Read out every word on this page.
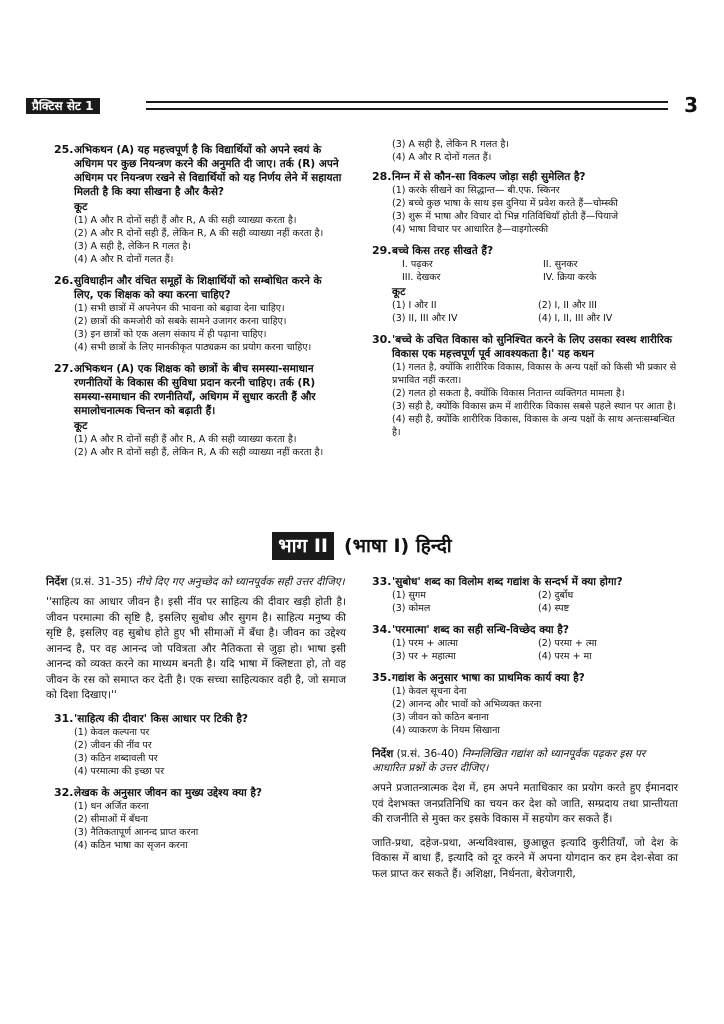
प्रैक्टिस सेट 1	3
25. अभिकथन (A) यह महत्त्वपूर्ण है कि विद्यार्थियों को अपने स्वयं के अधिगम पर कुछ नियन्त्रण करने की अनुमति दी जाए। तर्क (R) अपने अधिगम पर नियन्त्रण रखने से विद्यार्थियों को यह निर्णय लेने में सहायता मिलती है कि क्या सीखना है और कैसे?
कूट
(1) A और R दोनों सही हैं और R, A की सही व्याख्या करता है।
(2) A और R दोनों सही हैं, लेकिन R, A की सही व्याख्या नहीं करता है।
(3) A सही है, लेकिन R गलत है।
(4) A और R दोनों गलत हैं।
26. सुविधाहीन और वंचित समूहों के शिक्षार्थियों को सम्बोधित करने के लिए, एक शिक्षक को क्या करना चाहिए?
(1) सभी छात्रों में अपनेपन की भावना को बढ़ावा देना चाहिए।
(2) छात्रों की कमजोरी को सबके सामने उजागर करना चाहिए।
(3) इन छात्रों को एक अलग संकाय में ही पढ़ाना चाहिए।
(4) सभी छात्रों के लिए मानकीकृत पाठ्यक्रम का प्रयोग करना चाहिए।
27. अभिकथन (A) एक शिक्षक को छात्रों के बीच समस्या-समाधान रणनीतियों के विकास की सुविधा प्रदान करनी चाहिए। तर्क (R) समस्या-समाधान की रणनीतियाँ, अधिगम में सुधार करती हैं और समालोचनात्मक चिन्तन को बढ़ाती हैं।
कूट
(1) A और R दोनों सही हैं और R, A की सही व्याख्या करता है।
(2) A और R दोनों सही हैं, लेकिन R, A की सही व्याख्या नहीं करता है।
(3) A सही है, लेकिन R गलत है।
(4) A और R दोनों गलत हैं।
28. निम्न में से कौन-सा विकल्प जोड़ा सही सुमेलित है?
(1) करके सीखने का सिद्धान्त— बी.एफ. स्किनर
(2) बच्चे कुछ भाषा के साथ इस दुनिया में प्रवेश करते हैं—चोम्स्की
(3) शुरू में भाषा और विचार दो भिन्न गतिविधियाँ होती हैं—पियाजे
(4) भाषा विचार पर आधारित है—वाइगोत्स्की
29. बच्चे किस तरह सीखते हैं?
I. पढ़कर	II. सुनकर
III. देखकर	IV. क्रिया करके
कूट
(1) I और II	(2) I, II और III
(3) II, III और IV	(4) I, II, III और IV
30. 'बच्चे के उचित विकास को सुनिश्चित करने के लिए उसका स्वस्थ शारीरिक विकास एक महत्त्वपूर्ण पूर्व आवश्यकता है।' यह कथन
(1) गलत है, क्योंकि शारीरिक विकास, विकास के अन्य पक्षों को किसी भी प्रकार से प्रभावित नहीं करता।
(2) गलत हो सकता है, क्योंकि विकास नितान्त व्यक्तिगत मामला है।
(3) सही है, क्योंकि विकास क्रम में शारीरिक विकास सबसे पहले स्थान पर आता है।
(4) सही है, क्योंकि शारीरिक विकास, विकास के अन्य पक्षों के साथ अन्तःसम्बन्धित है।
भाग II (भाषा I) हिन्दी
निर्देश (प्र.सं. 31-35) नीचे दिए गए अनुच्छेद को ध्यानपूर्वक सही उत्तर दीजिए।
''साहित्य का आधार जीवन है। इसी नींव पर साहित्य की दीवार खड़ी होती है। जीवन परमात्मा की सृष्टि है, इसलिए सुबोध और सुगम है। साहित्य मनुष्य की सृष्टि है, इसलिए वह सुबोध होते हुए भी सीमाओं में बँधा है। जीवन का उद्देश्य आनन्द है, पर वह आनन्द जो पवित्रता और नैतिकता से जुड़ा हो। भाषा इसी आनन्द को व्यक्त करने का माध्यम बनती है। यदि भाषा में क्लिष्टता हो, तो वह जीवन के रस को समाप्त कर देती है। एक सच्चा साहित्यकार वही है, जो समाज को दिशा दिखाए।''
31. 'साहित्य की दीवार' किस आधार पर टिकी है?
(1) केवल कल्पना पर
(2) जीवन की नींव पर
(3) कठिन शब्दावली पर
(4) परमात्मा की इच्छा पर
32. लेखक के अनुसार जीवन का मुख्य उद्देश्य क्या है?
(1) धन अर्जित करना
(2) सीमाओं में बँधना
(3) नैतिकतापूर्ण आनन्द प्राप्त करना
(4) कठिन भाषा का सृजन करना
33. 'सुबोध' शब्द का विलोम शब्द गद्यांश के सन्दर्भ में क्या होगा?
(1) सुगम	(2) दुर्बोध
(3) कोमल	(4) स्पष्ट
34. 'परमात्मा' शब्द का सही सन्धि-विच्छेद क्या है?
(1) परम + आत्मा	(2) परमा + त्मा
(3) पर + महात्मा	(4) परम + मा
35. गद्यांश के अनुसार भाषा का प्राथमिक कार्य क्या है?
(1) केवल सूचना देना
(2) आनन्द और भावों को अभिव्यक्त करना
(3) जीवन को कठिन बनाना
(4) व्याकरण के नियम सिखाना
निर्देश (प्र.सं. 36-40) निम्नलिखित गद्यांश को ध्यानपूर्वक पढ़कर इस पर आधारित प्रश्नों के उत्तर दीजिए।
अपने प्रजातन्त्रात्मक देश में, हम अपने मताधिकार का प्रयोग करते हुए ईमानदार एवं देशभक्त जनप्रतिनिधि का चयन कर देश को जाति, सम्प्रदाय तथा प्रान्तीयता की राजनीति से मुक्त कर इसके विकास में सहयोग कर सकते हैं।
जाति-प्रथा, दहेज-प्रथा, अन्धविश्वास, छुआछूत इत्यादि कुरीतियाँ, जो देश के विकास में बाधा हैं, इत्यादि को दूर करने में अपना योगदान कर हम देश-सेवा का फल प्राप्त कर सकते हैं। अशिक्षा, निर्धनता, बेरोजगारी,
